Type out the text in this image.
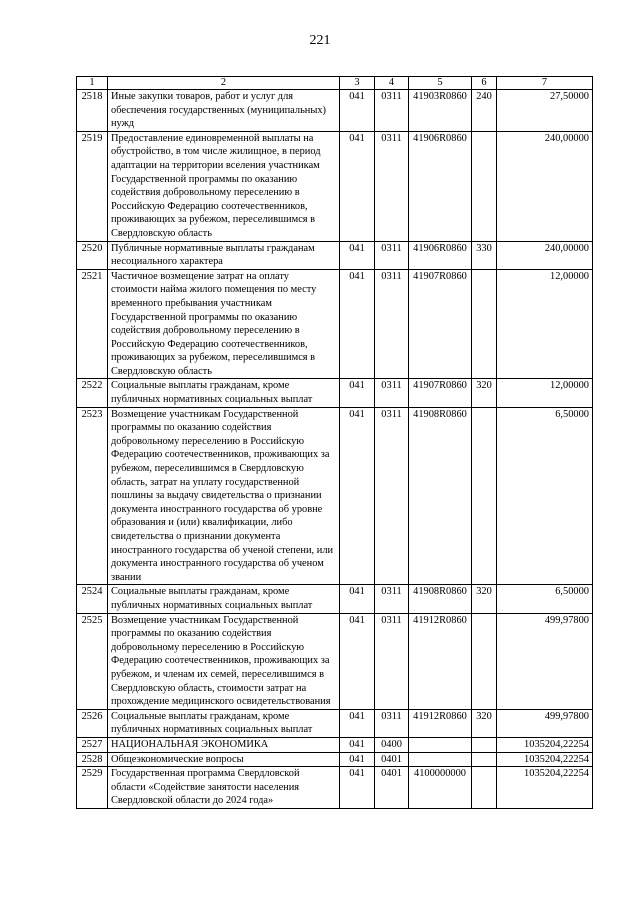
221
1	2	3	4	5	6	7
2518	Иные закупки товаров, работ и услуг для обеспечения государственных (муниципальных) нужд	041	0311	41903R0860	240	27,50000
2519	Предоставление единовременной выплаты на обустройство, в том числе жилищное, в период адаптации на территории вселения участникам Государственной программы по оказанию содействия добровольному переселению в Российскую Федерацию соотечественников, проживающих за рубежом, переселившимся в Свердловскую область	041	0311	41906R0860		240,00000
2520	Публичные нормативные выплаты гражданам несоциального характера	041	0311	41906R0860	330	240,00000
2521	Частичное возмещение затрат на оплату стоимости найма жилого помещения по месту временного пребывания участникам Государственной программы по оказанию содействия добровольному переселению в Российскую Федерацию соотечественников, проживающих за рубежом, переселившимся в Свердловскую область	041	0311	41907R0860		12,00000
2522	Социальные выплаты гражданам, кроме публичных нормативных социальных выплат	041	0311	41907R0860	320	12,00000
2523	Возмещение участникам Государственной программы по оказанию содействия добровольному переселению в Российскую Федерацию соотечественников, проживающих за рубежом, переселившимся в Свердловскую область, затрат на уплату государственной пошлины за выдачу свидетельства о признании документа иностранного государства об уровне образования и (или) квалификации, либо свидетельства о признании документа иностранного государства об ученой степени, или документа иностранного государства об ученом звании	041	0311	41908R0860		6,50000
2524	Социальные выплаты гражданам, кроме публичных нормативных социальных выплат	041	0311	41908R0860	320	6,50000
2525	Возмещение участникам Государственной программы по оказанию содействия добровольному переселению в Российскую Федерацию соотечественников, проживающих за рубежом, и членам их семей, переселившимся в Свердловскую область, стоимости затрат на прохождение медицинского освидетельствования	041	0311	41912R0860		499,97800
2526	Социальные выплаты гражданам, кроме публичных нормативных социальных выплат	041	0311	41912R0860	320	499,97800
2527	НАЦИОНАЛЬНАЯ ЭКОНОМИКА	041	0400			1035204,22254
2528	Общеэкономические вопросы	041	0401			1035204,22254
2529	Государственная программа Свердловской области «Содействие занятости населения Свердловской области до 2024 года»	041	0401	4100000000		1035204,22254
